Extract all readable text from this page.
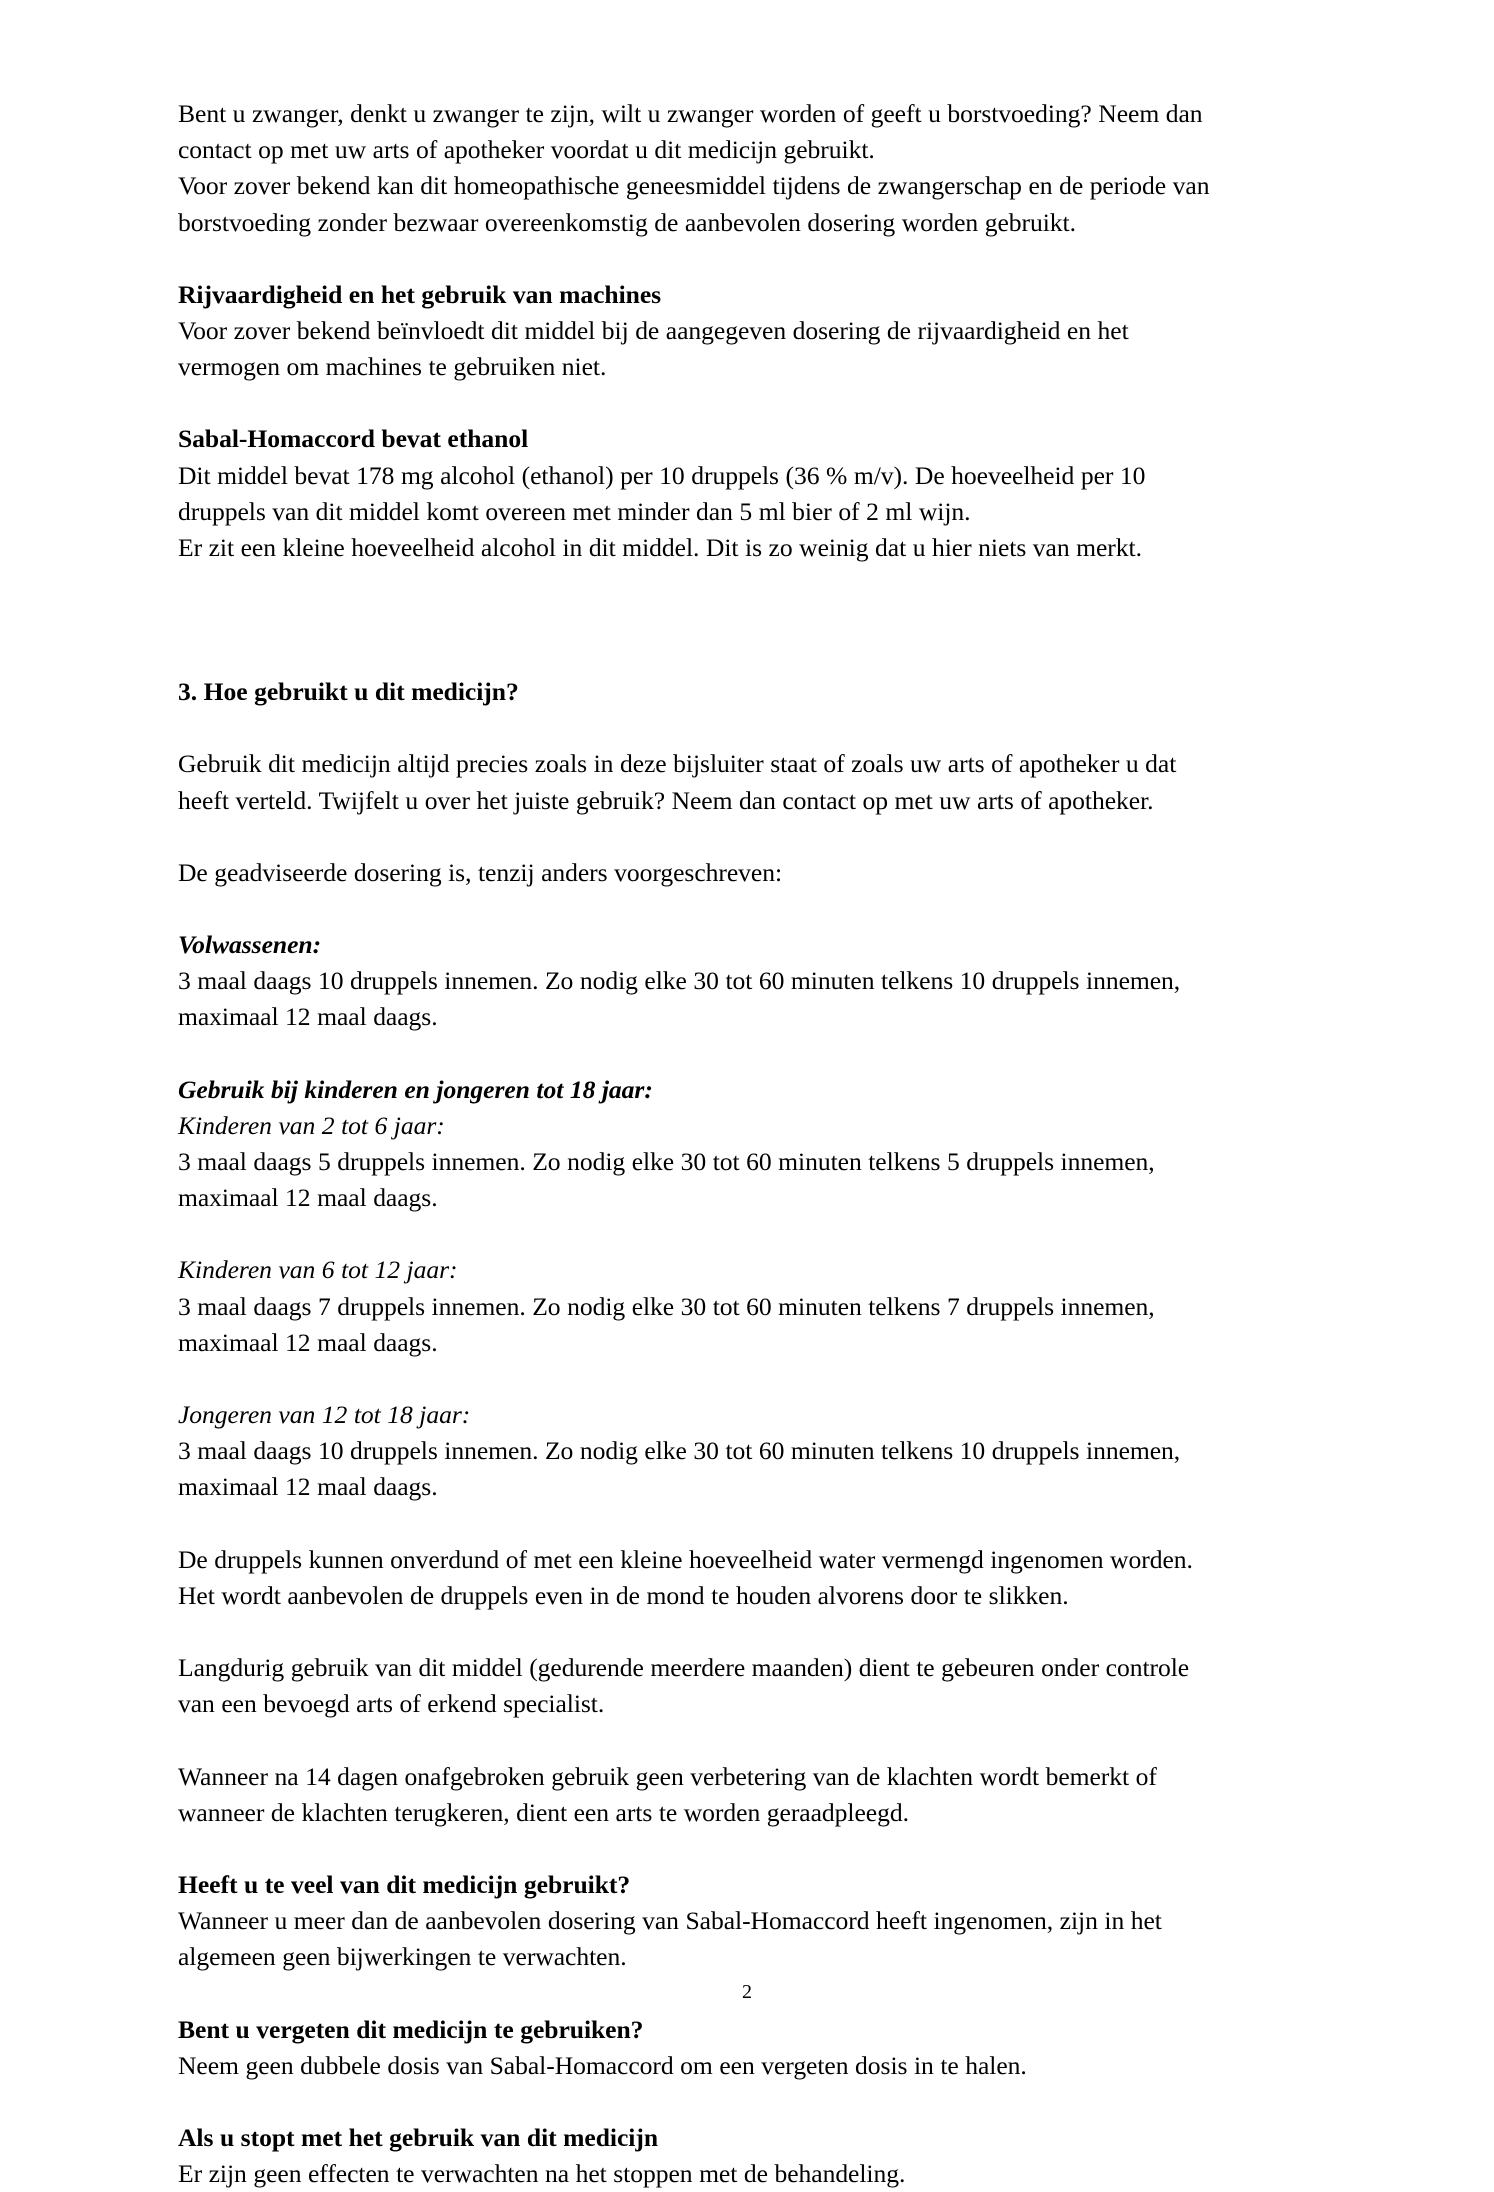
Bent u zwanger, denkt u zwanger te zijn, wilt u zwanger worden of geeft u borstvoeding? Neem dan

contact op met uw arts of apotheker voordat u dit medicijn gebruikt.

Voor zover bekend kan dit homeopathische geneesmiddel tijdens de zwangerschap en de periode van

borstvoeding zonder bezwaar overeenkomstig de aanbevolen dosering worden gebruikt.

Rijvaardigheid en het gebruik van machines

Voor zover bekend beïnvloedt dit middel bij de aangegeven dosering de rijvaardigheid en het

vermogen om machines te gebruiken niet.

Sabal-Homaccord bevat ethanol

Dit middel bevat 178 mg alcohol (ethanol) per 10 druppels (36 % m/v). De hoeveelheid per 10

druppels van dit middel komt overeen met minder dan 5 ml bier of 2 ml wijn.

Er zit een kleine hoeveelheid alcohol in dit middel. Dit is zo weinig dat u hier niets van merkt.

3. Hoe gebruikt u dit medicijn?

Gebruik dit medicijn altijd precies zoals in deze bijsluiter staat of zoals uw arts of apotheker u dat

heeft verteld. Twijfelt u over het juiste gebruik? Neem dan contact op met uw arts of apotheker.

De geadviseerde dosering is, tenzij anders voorgeschreven:

Volwassenen:

3 maal daags 10 druppels innemen. Zo nodig elke 30 tot 60 minuten telkens 10 druppels innemen,

maximaal 12 maal daags.

Gebruik bij kinderen en jongeren tot 18 jaar:

Kinderen van 2 tot 6 jaar:

3 maal daags 5 druppels innemen. Zo nodig elke 30 tot 60 minuten telkens 5 druppels innemen,

maximaal 12 maal daags.

Kinderen van 6 tot 12 jaar:

3 maal daags 7 druppels innemen. Zo nodig elke 30 tot 60 minuten telkens 7 druppels innemen,

maximaal 12 maal daags.

Jongeren van 12 tot 18 jaar:

3 maal daags 10 druppels innemen. Zo nodig elke 30 tot 60 minuten telkens 10 druppels innemen,

maximaal 12 maal daags.

De druppels kunnen onverdund of met een kleine hoeveelheid water vermengd ingenomen worden.

Het wordt aanbevolen de druppels even in de mond te houden alvorens door te slikken.

Langdurig gebruik van dit middel (gedurende meerdere maanden) dient te gebeuren onder controle

van een bevoegd arts of erkend specialist.

Wanneer na 14 dagen onafgebroken gebruik geen verbetering van de klachten wordt bemerkt of

wanneer de klachten terugkeren, dient een arts te worden geraadpleegd.

Heeft u te veel van dit medicijn gebruikt?

Wanneer u meer dan de aanbevolen dosering van Sabal-Homaccord heeft ingenomen, zijn in het

algemeen geen bijwerkingen te verwachten.

Bent u vergeten dit medicijn te gebruiken?

Neem geen dubbele dosis van Sabal-Homaccord om een vergeten dosis in te halen.

Als u stopt met het gebruik van dit medicijn

Er zijn geen effecten te verwachten na het stoppen met de behandeling.

2
